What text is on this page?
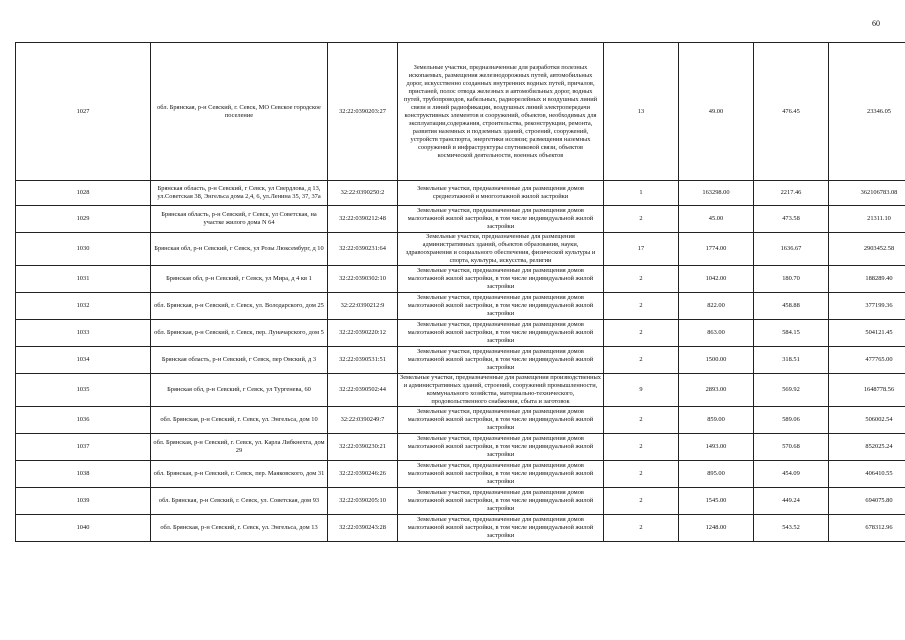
60
1027	обл. Брянская, р-н Севский, г. Севск, МО Севское городское поселение	32:22:0390203:27	Земельные участки, предназначенные для разработки полезных ископаемых, размещения железнодорожных путей, автомобильных дорог, искусственно созданных внутренних водных путей, причалов, пристаней, полос отвода железных и автомобильных дорог, водных путей, трубопроводов, кабельных, радиорелейных и воздушных линий связи и линий радиофикации, воздушных линий электропередачи конструктивных элементов и сооружений, объектов, необходимых для эксплуатации,содержания, строительства, реконструкции, ремонта, развития наземных и подземных зданий, строений, сооружений, устройств транспорта, энергетики иссвязи; размещения наземных сооружений и инфраструктуры спутниковой связи, объектов космической деятельности, военных объектов	13	49.00	476.45	23346.05
1028	Брянская область, р-н Севский, г Севск, ул Свердлова, д 13, ул.Советская 38, Энгельса дома 2,4, 6, ул.Ленина 35, 37, 37а	32:22:0390250:2	Земельные участки, предназначенные для размещения домов среднеэтажной и многоэтажной жилой застройки	1	163298.00	2217.46	362106783.08
1029	Брянская область, р-н Севский, г Севск, ул Советская, на участке жилого дома N 64	32:22:0390212:48	Земельные участки, предназначенные для размещения домов малоэтажной жилой застройки, в том числе индивидуальной жилой застройки	2	45.00	473.58	21311.10
1030	Брянская обл, р-н Севский, г Севск, ул Розы Люксембург, д 10	32:22:0390231:64	Земельные участки, предназначенные для размещения административных зданий, объектов образования, науки, здравоохранения и социального обеспечения, физической культуры и спорта, культуры, искусства, религии	17	1774.00	1636.67	2903452.58
1031	Брянская обл, р-н Севский, г Севск, ул Мира, д 4 кв 1	32:22:0390302:10	Земельные участки, предназначенные для размещения домов малоэтажной жилой застройки, в том числе индивидуальной жилой застройки	2	1042.00	180.70	188289.40
1032	обл. Брянская, р-н Севский, г. Севск, ул. Володарского, дом 25	32:22:0390212:9	Земельные участки, предназначенные для размещения домов малоэтажной жилой застройки, в том числе индивидуальной жилой застройки	2	822.00	458.88	377199.36
1033	обл. Брянская, р-н Севский, г. Севск, пер. Луначарского, дом 5	32:22:0390220:12	Земельные участки, предназначенные для размещения домов малоэтажной жилой застройки, в том числе индивидуальной жилой застройки	2	863.00	584.15	504121.45
1034	Брянская область, р-н Севский, г Севск, пер Омский, д 3	32:22:0390531:51	Земельные участки, предназначенные для размещения домов малоэтажной жилой застройки, в том числе индивидуальной жилой застройки	2	1500.00	318.51	477765.00
1035	Брянская обл, р-н Севский, г Севск, ул Тургенева, 60	32:22:0390502:44	Земельные участки, предназначенные для размещения производственных и административных зданий, строений, сооружений промышленности, коммунального хозяйства, материально-технического, продовольственного снабжения, сбыта и заготовок	9	2893.00	569.92	1648778.56
1036	обл. Брянская, р-н Севский, г. Севск, ул. Энгельса, дом 10	32:22:0390249:7	Земельные участки, предназначенные для размещения домов малоэтажной жилой застройки, в том числе индивидуальной жилой застройки	2	859.00	589.06	506002.54
1037	обл. Брянская, р-н Севский, г. Севск, ул. Карла Либкнехта, дом 29	32:22:0390230:21	Земельные участки, предназначенные для размещения домов малоэтажной жилой застройки, в том числе индивидуальной жилой застройки	2	1493.00	570.68	852025.24
1038	обл. Брянская, р-н Севский, г. Севск, пер. Маяковского, дом 31	32:22:0390246:26	Земельные участки, предназначенные для размещения домов малоэтажной жилой застройки, в том числе индивидуальной жилой застройки	2	895.00	454.09	406410.55
1039	обл. Брянская, р-н Севский, г. Севск, ул. Советская, дом 93	32:22:0390205:10	Земельные участки, предназначенные для размещения домов малоэтажной жилой застройки, в том числе индивидуальной жилой застройки	2	1545.00	449.24	694075.80
1040	обл. Брянская, р-н Севский, г. Севск, ул. Энгельса, дом 13	32:22:0390243:28	Земельные участки, предназначенные для размещения домов малоэтажной жилой застройки, в том числе индивидуальной жилой застройки	2	1248.00	543.52	678312.96
